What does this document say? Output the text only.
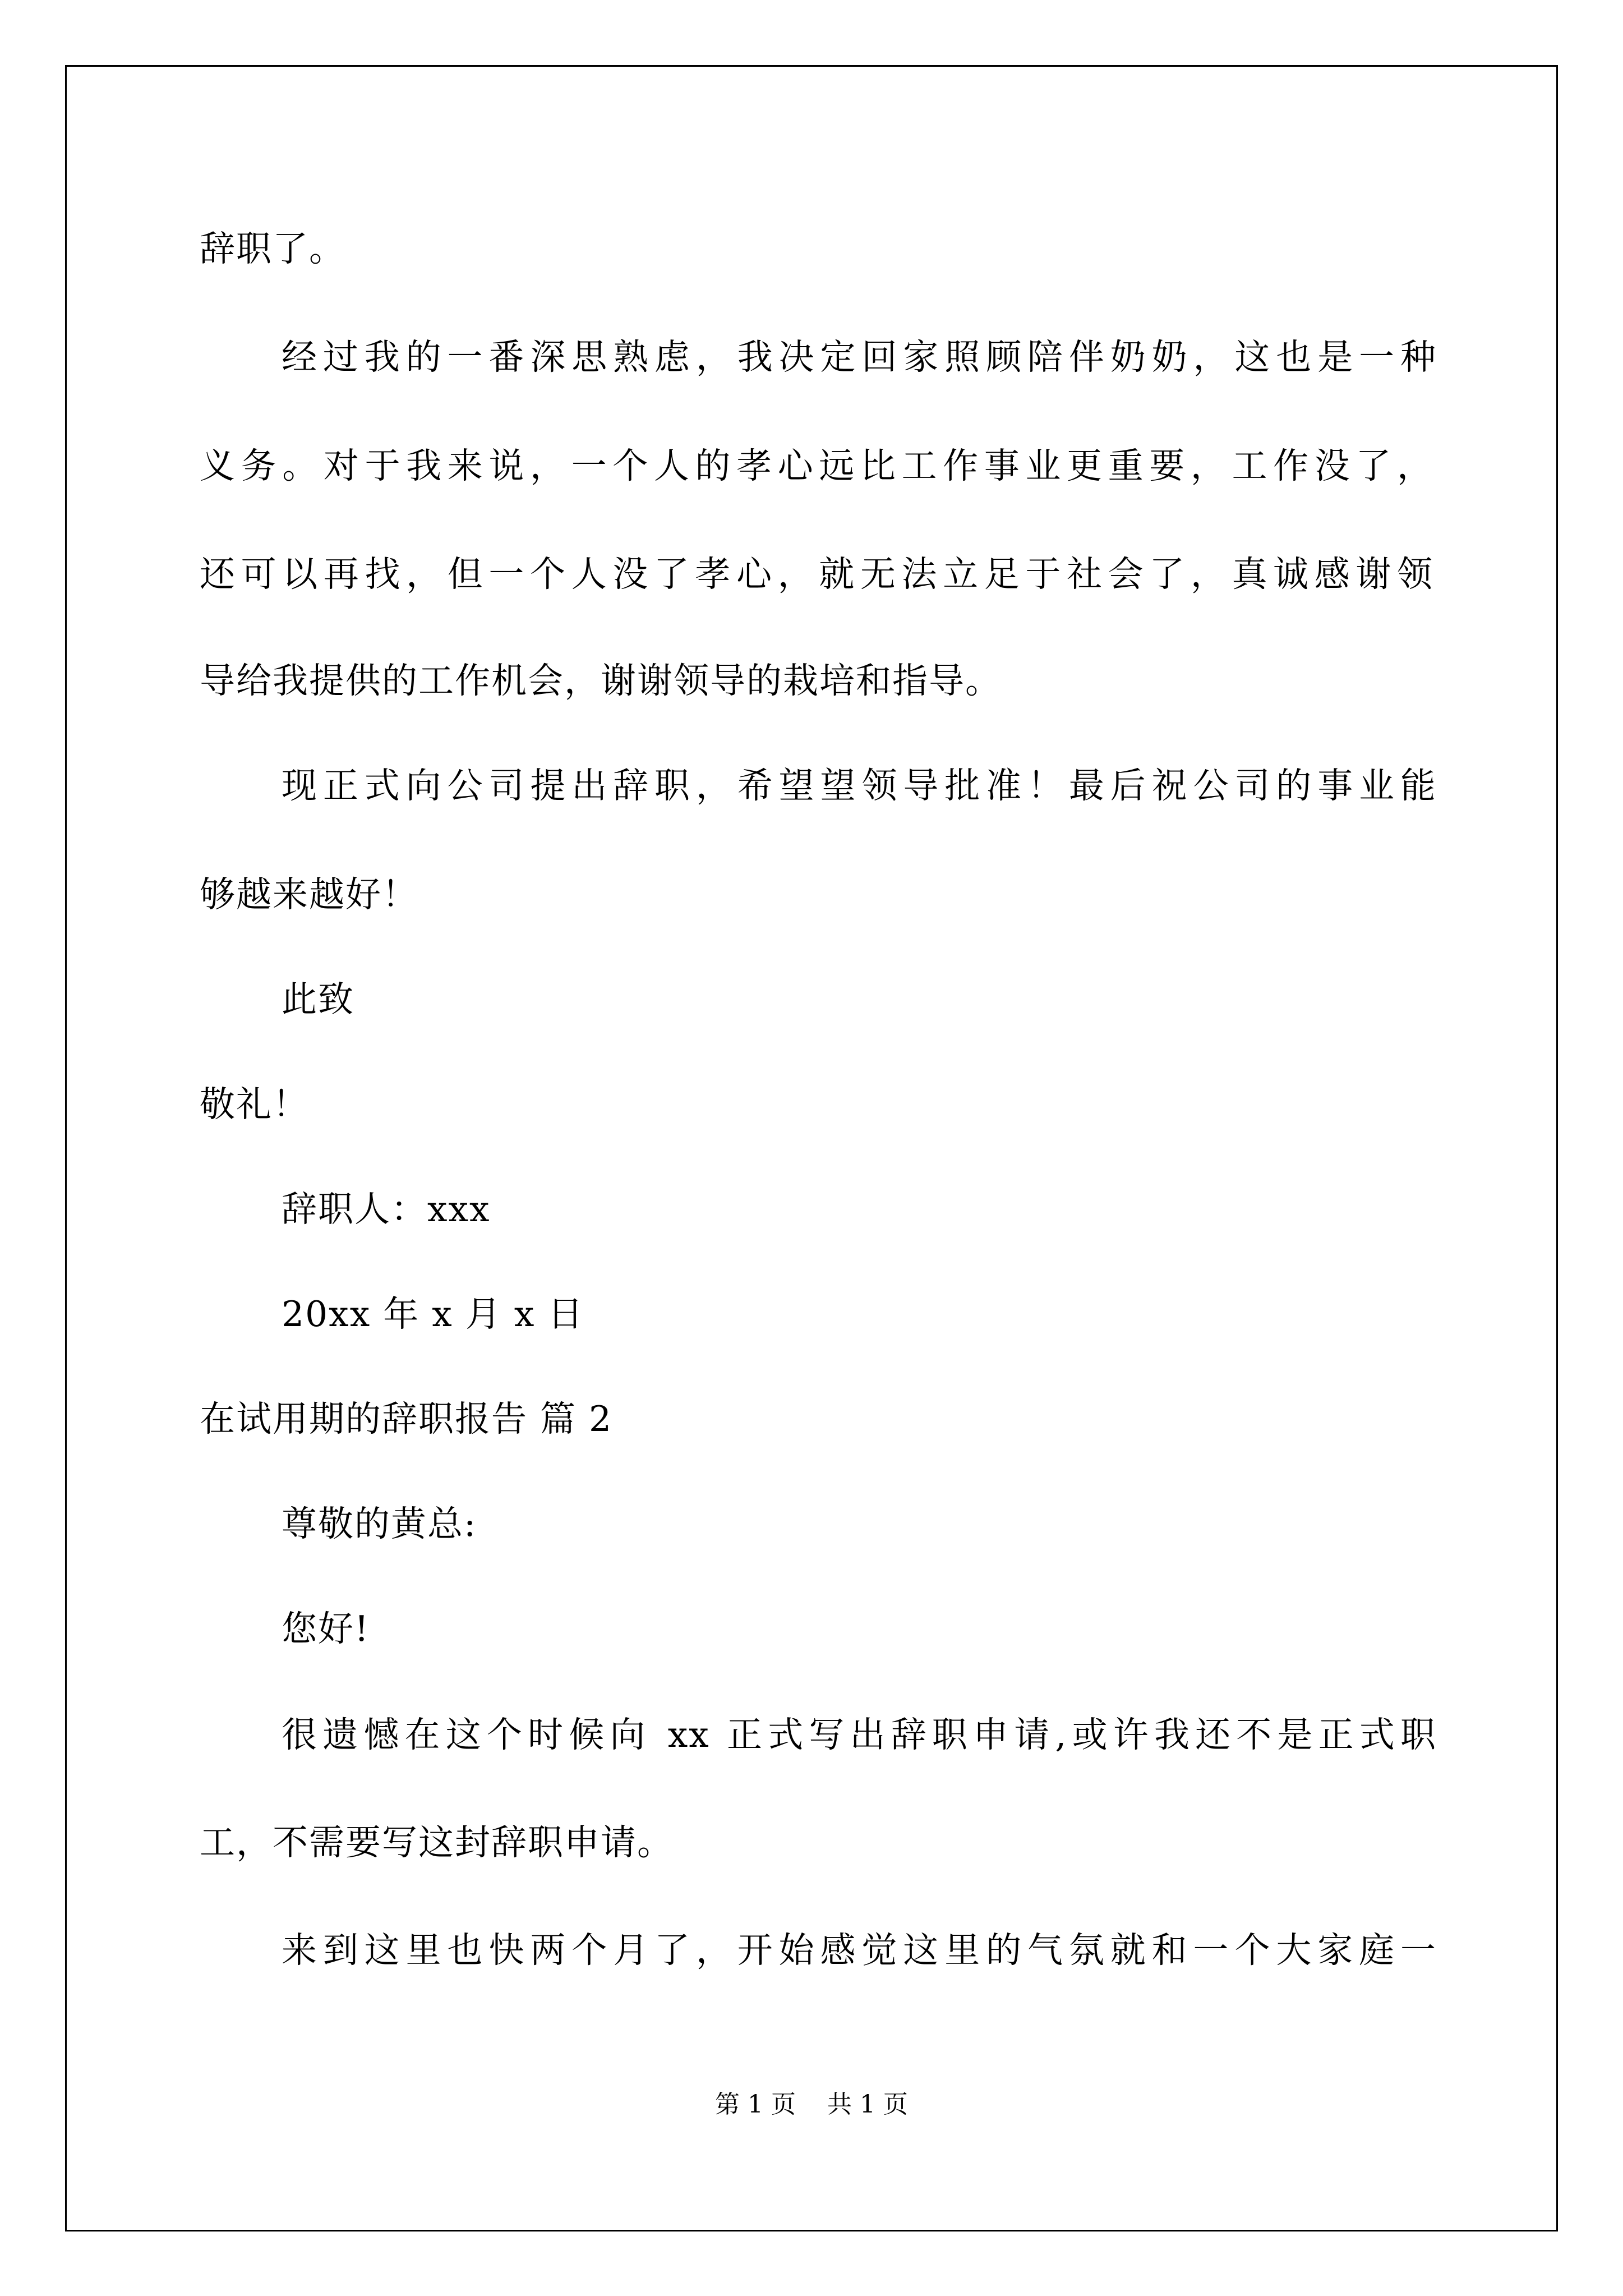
辞职了。
经过我的一番深思熟虑，我决定回家照顾陪伴奶奶，这也是一种
义务。对于我来说，一个人的孝心远比工作事业更重要，工作没了，
还可以再找，但一个人没了孝心，就无法立足于社会了，真诚感谢领
导给我提供的工作机会，谢谢领导的栽培和指导。
现正式向公司提出辞职，希望望领导批准！最后祝公司的事业能
够越来越好！
此致
敬礼！
辞职人：xxx
20xx 年 x 月 x 日
在试用期的辞职报告 篇 2
尊敬的黄总:
您好!
很遗憾在这个时候向 xx 正式写出辞职申请,或许我还不是正式职
工，不需要写这封辞职申请。
来到这里也快两个月了，开始感觉这里的气氛就和一个大家庭一
第 1 页    共 1 页
